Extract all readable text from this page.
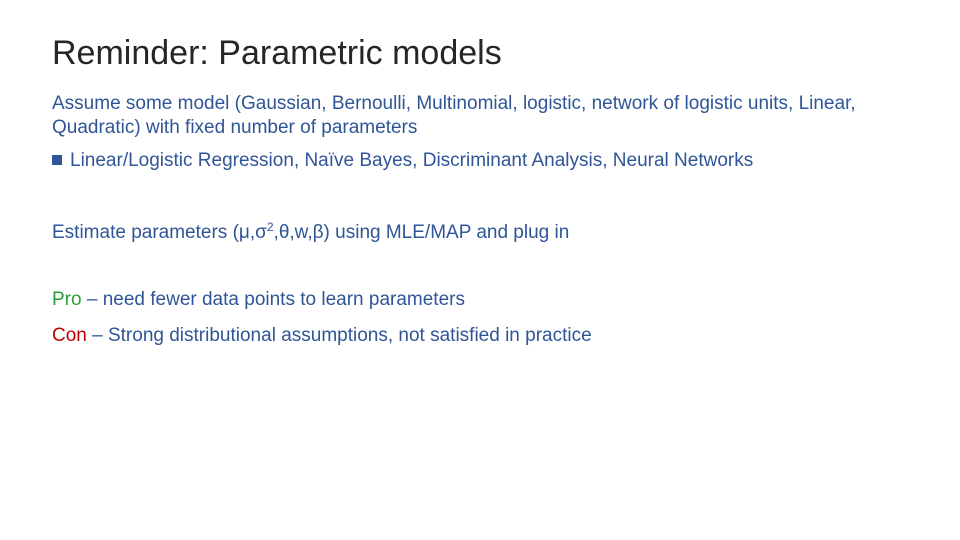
Reminder: Parametric models
Assume some model (Gaussian, Bernoulli, Multinomial, logistic, network of logistic units, Linear, Quadratic) with fixed number of parameters
Linear/Logistic Regression, Naïve Bayes, Discriminant Analysis, Neural Networks
Estimate parameters $(\mu,\sigma^2,\theta,w,\beta)$ using MLE/MAP and plug in
Pro – need fewer data points to learn parameters
Con – Strong distributional assumptions, not satisfied in practice
